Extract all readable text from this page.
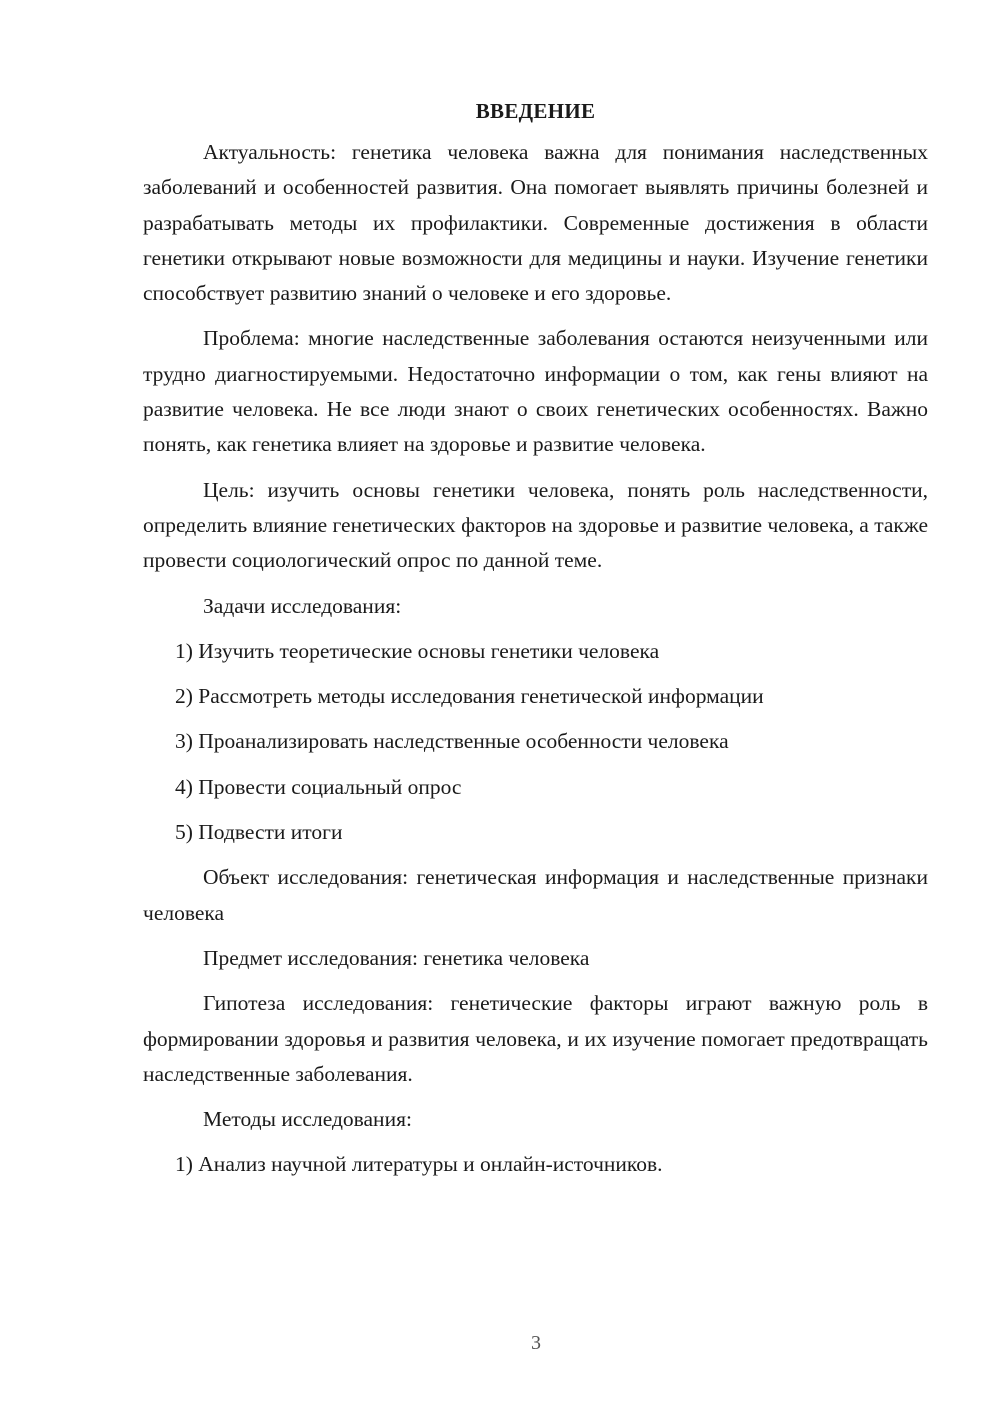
ВВЕДЕНИЕ

Актуальность: генетика человека важна для понимания наследственных заболеваний и особенностей развития. Она помогает выявлять причины болезней и разрабатывать методы их профилактики. Современные достижения в области генетики открывают новые возможности для медицины и науки. Изучение генетики способствует развитию знаний о человеке и его здоровье.

Проблема: многие наследственные заболевания остаются неизученными или трудно диагностируемыми. Недостаточно информации о том, как гены влияют на развитие человека. Не все люди знают о своих генетических особенностях. Важно понять, как генетика влияет на здоровье и развитие человека.

Цель: изучить основы генетики человека, понять роль наследственности, определить влияние генетических факторов на здоровье и развитие человека, а также провести социологический опрос по данной теме.

Задачи исследования:

1) Изучить теоретические основы генетики человека

2) Рассмотреть методы исследования генетической информации

3) Проанализировать наследственные особенности человека

4) Провести социальный опрос

5) Подвести итоги

Объект исследования: генетическая информация и наследственные признаки человека

Предмет исследования: генетика человека

Гипотеза исследования: генетические факторы играют важную роль в формировании здоровья и развития человека, и их изучение помогает предотвращать наследственные заболевания.

Методы исследования:

1) Анализ научной литературы и онлайн-источников.

3
